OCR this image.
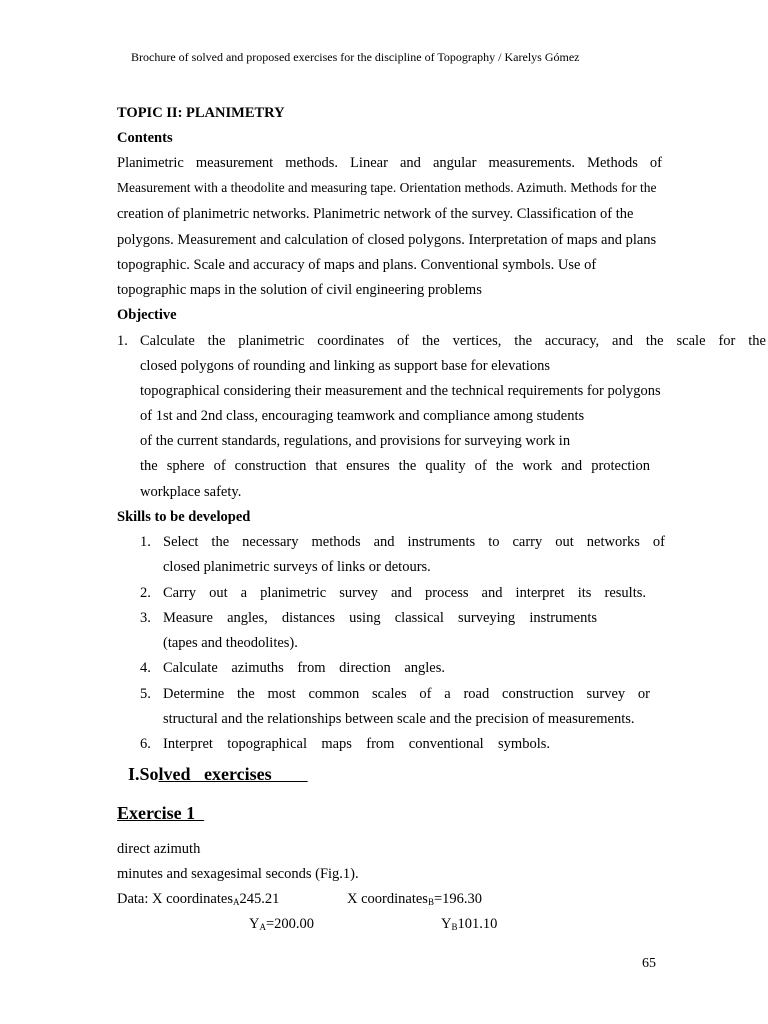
Brochure of solved and proposed exercises for the discipline of Topography / Karelys Gómez
TOPIC II: PLANIMETRY
Contents
Planimetric measurement methods. Linear and angular measurements. Methods of
Measurement with a theodolite and measuring tape. Orientation methods. Azimuth. Methods for the
creation of planimetric networks. Planimetric network of the survey. Classification of the
polygons. Measurement and calculation of closed polygons. Interpretation of maps and plans
topographic. Scale and accuracy of maps and plans. Conventional symbols. Use of
topographic maps in the solution of civil engineering problems
Objective
1. Calculate the planimetric coordinates of the vertices, the accuracy, and the scale for the
closed polygons of rounding and linking as support base for elevations
topographical considering their measurement and the technical requirements for polygons
of 1st and 2nd class, encouraging teamwork and compliance among students
of the current standards, regulations, and provisions for surveying work in
the sphere of construction that ensures the quality of the work and protection
workplace safety.
Skills to be developed
1. Select the necessary methods and instruments to carry out networks of
closed planimetric surveys of links or detours.
2. Carry out a planimetric survey and process and interpret its results.
3. Measure angles, distances using classical surveying instruments
(tapes and theodolites).
4. Calculate azimuths from direction angles.
5. Determine the most common scales of a road construction survey or
structural and the relationships between scale and the precision of measurements.
6. Interpret topographical maps from conventional symbols.
I.Solved   exercises
Exercise 1
direct azimuth
minutes and sexagesimal seconds (Fig.1).
Data: X coordinates$_A$245.21	X coordinates$_B$=196.30
$Y_A=200.00$	$Y_B101.10$
65
